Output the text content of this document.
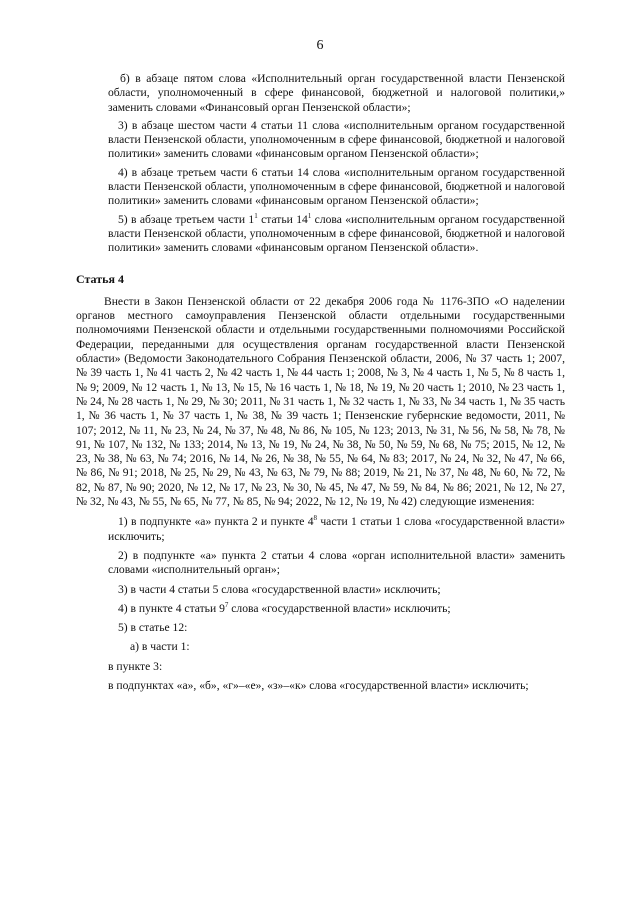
6

б) в абзаце пятом слова «Исполнительный орган государственной власти Пензенской области, уполномоченный в сфере финансовой, бюджетной и налоговой политики,» заменить словами «Финансовый орган Пензенской области»;

3) в абзаце шестом части 4 статьи 11 слова «исполнительным органом государственной власти Пензенской области, уполномоченным в сфере финансовой, бюджетной и налоговой политики» заменить словами «финансовым органом Пензенской области»;

4) в абзаце третьем части 6 статьи 14 слова «исполнительным органом государственной власти Пензенской области, уполномоченным в сфере финансовой, бюджетной и налоговой политики» заменить словами «финансовым органом Пензенской области»;

5) в абзаце третьем части $1^1$ статьи $14^1$ слова «исполнительным органом государственной власти Пензенской области, уполномоченным в сфере финансовой, бюджетной и налоговой политики» заменить словами «финансовым органом Пензенской области».

Статья 4

Внести в Закон Пензенской области от 22 декабря 2006 года № 1176-ЗПО «О наделении органов местного самоуправления Пензенской области отдельными государственными полномочиями Пензенской области и отдельными государственными полномочиями Российской Федерации, переданными для осуществления органам государственной власти Пензенской области» (Ведомости Законодательного Собрания Пензенской области, 2006, № 37 часть 1; 2007, № 39 часть 1, № 41 часть 2, № 42 часть 1, № 44 часть 1; 2008, № 3, № 4 часть 1, № 5, № 8 часть 1, № 9; 2009, № 12 часть 1, № 13, № 15, № 16 часть 1, № 18, № 19, № 20 часть 1; 2010, № 23 часть 1, № 24, № 28 часть 1, № 29, № 30; 2011, № 31 часть 1, № 32 часть 1, № 33, № 34 часть 1, № 35 часть 1, № 36 часть 1, № 37 часть 1, № 38, № 39 часть 1; Пензенские губернские ведомости, 2011, № 107; 2012, № 11, № 23, № 24, № 37, № 48, № 86, № 105, № 123; 2013, № 31, № 56, № 58, № 78, № 91, № 107, № 132, № 133; 2014, № 13, № 19, № 24, № 38, № 50, № 59, № 68, № 75; 2015, № 12, № 23, № 38, № 63, № 74; 2016, № 14, № 26, № 38, № 55, № 64, № 83; 2017, № 24, № 32, № 47, № 66, № 86, № 91; 2018, № 25, № 29, № 43, № 63, № 79, № 88; 2019, № 21, № 37, № 48, № 60, № 72, № 82, № 87, № 90; 2020, № 12, № 17, № 23, № 30, № 45, № 47, № 59, № 84, № 86; 2021, № 12, № 27, № 32, № 43, № 55, № 65, № 77, № 85, № 94; 2022, № 12, № 19, № 42) следующие изменения:

1) в подпункте «а» пункта 2 и пункте $4^8$ части 1 статьи 1 слова «государственной власти» исключить;

2) в подпункте «а» пункта 2 статьи 4 слова «орган исполнительной власти» заменить словами «исполнительный орган»;

3) в части 4 статьи 5 слова «государственной власти» исключить;

4) в пункте 4 статьи $9^7$ слова «государственной власти» исключить;

5) в статье 12:

а) в части 1:

в пункте 3:

в подпунктах «а», «б», «г»–«е», «з»–«к» слова «государственной власти» исключить;
